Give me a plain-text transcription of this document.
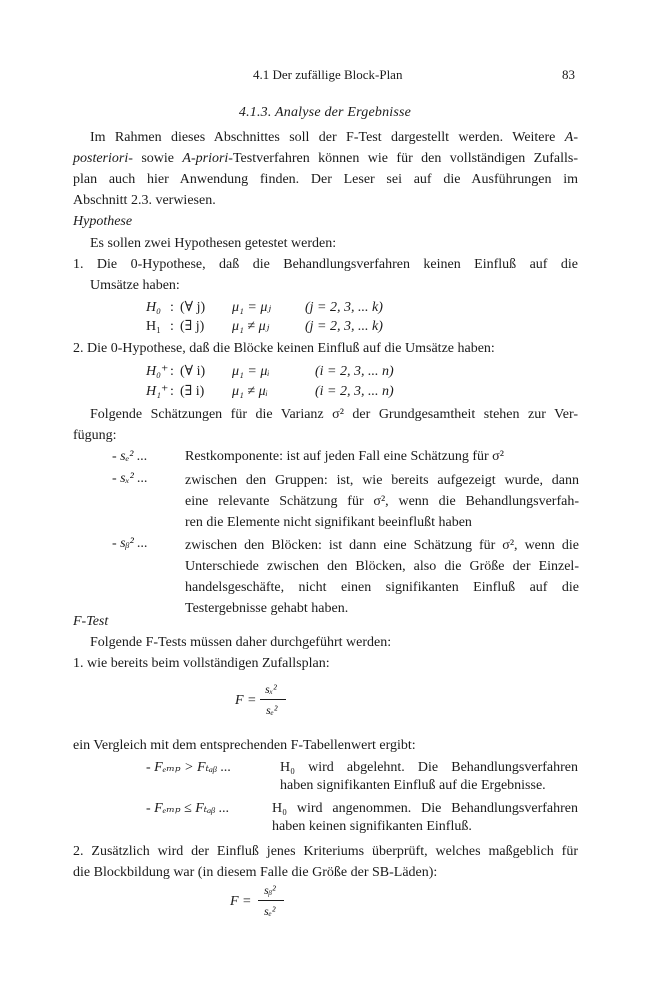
4.1 Der zufällige Block-Plan	83
4.1.3. Analyse der Ergebnisse
Im Rahmen dieses Abschnittes soll der F-Test dargestellt werden. Weitere A-
posteriori- sowie A-priori-Testverfahren können wie für den vollständigen Zufalls-
plan auch hier Anwendung finden. Der Leser sei auf die Ausführungen im
Abschnitt 2.3. verwiesen.
Hypothese
Es sollen zwei Hypothesen getestet werden:
1. Die 0-Hypothese, daß die Behandlungsverfahren keinen Einfluß auf die
Umsätze haben:
H₀ : (∀ j) μ₁ = μⱼ (j = 2, 3, ... k)
H₁ : (∃ j) μ₁ ≠ μⱼ	(j = 2, 3, ... k)
2. Die 0-Hypothese, daß die Blöcke keinen Einfluß auf die Umsätze haben:
H₀⁺ : (∀ i) μ₁ = μᵢ	(i = 2, 3, ... n)
H₁⁺ : (∃ i) μ₁ ≠ μᵢ	(i = 2, 3, ... n)
Folgende Schätzungen für die Varianz σ² der Grundgesamtheit stehen zur Ver-
fügung:
- sₑ² ...	Restkomponente: ist auf jeden Fall eine Schätzung für σ²
- sₓ² ...	zwischen den Gruppen: ist, wie bereits aufgezeigt wurde, dann
eine relevante Schätzung für σ², wenn die Behandlungsverfah-
ren die Elemente nicht signifikant beeinflußt haben
- sᵦ² ...	zwischen den Blöcken: ist dann eine Schätzung für σ², wenn die
Unterschiede zwischen den Blöcken, also die Größe der Einzel-
handelsgeschäfte, nicht einen signifikanten Einfluß auf die
Testergebnisse gehabt haben.
F-Test
Folgende F-Tests müssen daher durchgeführt werden:
1. wie bereits beim vollständigen Zufallsplan:
F =
sₓ²
sₑ²
ein Vergleich mit dem entsprechenden F-Tabellenwert ergibt:
- Fₑₘₚ > Fₜₐᵦ ...	H₀ wird abgelehnt. Die Behandlungsverfahren
haben signifikanten Einfluß auf die Ergebnisse.
- Fₑₘₚ ≤ Fₜₐᵦ ...	H₀ wird angenommen. Die Behandlungsverfahren
haben keinen signifikanten Einfluß.
2. Zusätzlich wird der Einfluß jenes Kriteriums überprüft, welches maßgeblich für
die Blockbildung war (in diesem Falle die Größe der SB-Läden):
F =
sᵦ²
sₑ²
